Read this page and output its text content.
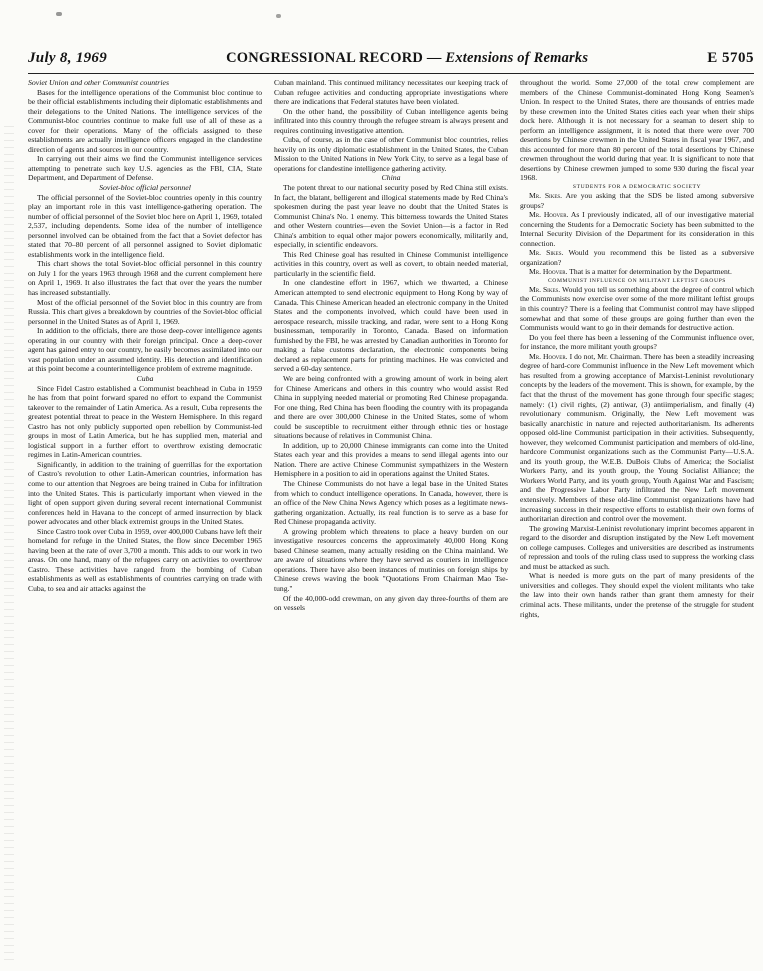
July 8, 1969	CONGRESSIONAL RECORD — Extensions of Remarks	E 5705

Soviet Union and other Communist countries

Bases for the intelligence operations of the Communist bloc continue to be their official establishments including their diplomatic establishments and their delegations to the United Nations. The intelligence services of the Communist-bloc countries continue to make full use of all of these as a cover for their operations. Many of the officials assigned to these establishments are actually intelligence officers engaged in the clandestine direction of agents and sources in our country.

In carrying out their aims we find the Communist intelligence services attempting to penetrate such key U.S. agencies as the FBI, CIA, State Department, and Department of Defense.

Soviet-bloc official personnel

The official personnel of the Soviet-bloc countries openly in this country play an important role in this vast intelligence-gathering operation. The number of official personnel of the Soviet bloc here on April 1, 1969, totaled 2,537, including dependents. Some idea of the number of intelligence personnel involved can be obtained from the fact that a Soviet defector has stated that 70–80 percent of all personnel assigned to Soviet diplomatic establishments work in the intelligence field.

This chart shows the total Soviet-bloc official personnel in this country on July 1 for the years 1963 through 1968 and the current complement here on April 1, 1969. It also illustrates the fact that over the years the number has increased substantially.

Most of the official personnel of the Soviet bloc in this country are from Russia. This chart gives a breakdown by countries of the Soviet-bloc official personnel in the United States as of April 1, 1969.

In addition to the officials, there are those deep-cover intelligence agents operating in our country with their foreign principal. Once a deep-cover agent has gained entry to our country, he easily becomes assimilated into our vast population under an assumed identity. His detection and identification at this point become a counterintelligence problem of extreme magnitude.

Cuba

Since Fidel Castro established a Communist beachhead in Cuba in 1959 he has from that point forward spared no effort to expand the Communist takeover to the remainder of Latin America. As a result, Cuba represents the greatest potential threat to peace in the Western Hemisphere. In this regard Castro has not only publicly supported open rebellion by Communist-led groups in most of Latin America, but he has supplied men, material and logistical support in a further effort to overthrow existing democratic regimes in Latin-American countries.

Significantly, in addition to the training of guerrillas for the exportation of Castro's revolution to other Latin-American countries, information has come to our attention that Negroes are being trained in Cuba for infiltration into the United States. This is particularly important when viewed in the light of open support given during several recent international Communist conferences held in Havana to the concept of armed insurrection by black power advocates and other black extremist groups in the United States.

Since Castro took over Cuba in 1959, over 400,000 Cubans have left their homeland for refuge in the United States, the flow since December 1965 having been at the rate of over 3,700 a month. This adds to our work in two areas. On one hand, many of the refugees carry on activities to overthrow Castro. These activities have ranged from the bombing of Cuban establishments as well as establishments of countries carrying on trade with Cuba, to sea and air attacks against the

Cuban mainland. This continued militancy necessitates our keeping track of Cuban refugee activities and conducting appropriate investigations where there are indications that Federal statutes have been violated.

On the other hand, the possibility of Cuban intelligence agents being infiltrated into this country through the refugee stream is always present and requires continuing investigative attention.

Cuba, of course, as in the case of other Communist bloc countries, relies heavily on its only diplomatic establishment in the United States, the Cuban Mission to the United Nations in New York City, to serve as a legal base of operations for clandestine intelligence gathering activity.

China

The potent threat to our national security posed by Red China still exists. In fact, the blatant, belligerent and illogical statements made by Red China's spokesmen during the past year leave no doubt that the United States is Communist China's No. 1 enemy. This bitterness towards the United States and other Western countries—even the Soviet Union—is a factor in Red China's ambition to equal other major powers economically, militarily and, especially, in scientific endeavors.

This Red Chinese goal has resulted in Chinese Communist intelligence activities in this country, overt as well as covert, to obtain needed material, particularly in the scientific field.

In one clandestine effort in 1967, which we thwarted, a Chinese American attempted to send electronic equipment to Hong Kong by way of Canada. This Chinese American headed an electronic company in the United States and the components involved, which could have been used in aerospace research, missile tracking, and radar, were sent to a Hong Kong businessman, temporarily in Toronto, Canada. Based on information furnished by the FBI, he was arrested by Canadian authorities in Toronto for making a false customs declaration, the electronic components being declared as replacement parts for printing machines. He was convicted and served a 60-day sentence.

We are being confronted with a growing amount of work in being alert for Chinese Americans and others in this country who would assist Red China in supplying needed material or promoting Red Chinese propaganda. For one thing, Red China has been flooding the country with its propaganda and there are over 300,000 Chinese in the United States, some of whom could be susceptible to recruitment either through ethnic ties or hostage situations because of relatives in Communist China.

In addition, up to 20,000 Chinese immigrants can come into the United States each year and this provides a means to send illegal agents into our Nation. There are active Chinese Communist sympathizers in the Western Hemisphere in a position to aid in operations against the United States.

The Chinese Communists do not have a legal base in the United States from which to conduct intelligence operations. In Canada, however, there is an office of the New China News Agency which poses as a legitimate news-gathering organization. Actually, its real function is to serve as a base for Red Chinese propaganda activity.

A growing problem which threatens to place a heavy burden on our investigative resources concerns the approximately 40,000 Hong Kong based Chinese seamen, many actually residing on the China mainland. We are aware of situations where they have served as couriers in intelligence operations. There have also been instances of mutinies on foreign ships by Chinese crews waving the book "Quotations From Chairman Mao Tse-tung."

Of the 40,000-odd crewman, on any given day three-fourths of them are on vessels

throughout the world. Some 27,000 of the total crew complement are members of the Chinese Communist-dominated Hong Kong Seamen's Union. In respect to the United States, there are thousands of entries made by these crewmen into the United States cities each year when their ships dock here. Although it is not necessary for a seaman to desert ship to perform an intelligence assignment, it is noted that there were over 700 desertions by Chinese crewmen in the United States in fiscal year 1967, and this accounted for more than 80 percent of the total desertions by Chinese crewmen throughout the world during that year. It is significant to note that desertions by Chinese crewmen jumped to some 930 during the fiscal year 1968.

STUDENTS FOR A DEMOCRATIC SOCIETY

Mr. Sikes. Are you asking that the SDS be listed among subversive groups?

Mr. Hoover. As I previously indicated, all of our investigative material concerning the Students for a Democratic Society has been submitted to the Internal Security Division of the Department for its consideration in this connection.

Mr. Sikes. Would you recommend this be listed as a subversive organization?

Mr. Hoover. That is a matter for determination by the Department.

COMMUNIST INFLUENCE ON MILITANT LEFTIST GROUPS

Mr. Sikes. Would you tell us something about the degree of control which the Communists now exercise over some of the more militant leftist groups in this country? There is a feeling that Communist control may have slipped somewhat and that some of these groups are going further than even the Communists would want to go in their demands for destructive action.

Do you feel there has been a lessening of the Communist influence over, for instance, the more militant youth groups?

Mr. Hoover. I do not, Mr. Chairman. There has been a steadily increasing degree of hard-core Communist influence in the New Left movement which has resulted from a growing acceptance of Marxist-Leninist revolutionary concepts by the leaders of the movement. This is shown, for example, by the fact that the thrust of the movement has gone through four specific stages; namely: (1) civil rights, (2) antiwar, (3) antiimperialism, and finally (4) revolutionary communism. Originally, the New Left movement was basically anarchistic in nature and rejected authoritarianism. Its adherents opposed old-line Communist participation in their activities. Subsequently, however, they welcomed Communist participation and members of old-line, hardcore Communist organizations such as the Communist Party—U.S.A. and its youth group, the W.E.B. DuBois Clubs of America; the Socialist Workers Party, and its youth group, the Young Socialist Alliance; the Workers World Party, and its youth group, Youth Against War and Fascism; and the Progressive Labor Party infiltrated the New Left movement extensively. Members of these old-line Communist organizations have had increasing success in their respective efforts to establish their own forms of authoritarian direction and control over the movement.

The growing Marxist-Leninist revolutionary imprint becomes apparent in regard to the disorder and disruption instigated by the New Left movement on college campuses. Colleges and universities are described as instruments of repression and tools of the ruling class used to suppress the working class and must be attacked as such.

What is needed is more guts on the part of many presidents of the universities and colleges. They should expel the violent militants who take the law into their own hands rather than grant them amnesty for their criminal acts. These militants, under the pretense of the struggle for student rights,
